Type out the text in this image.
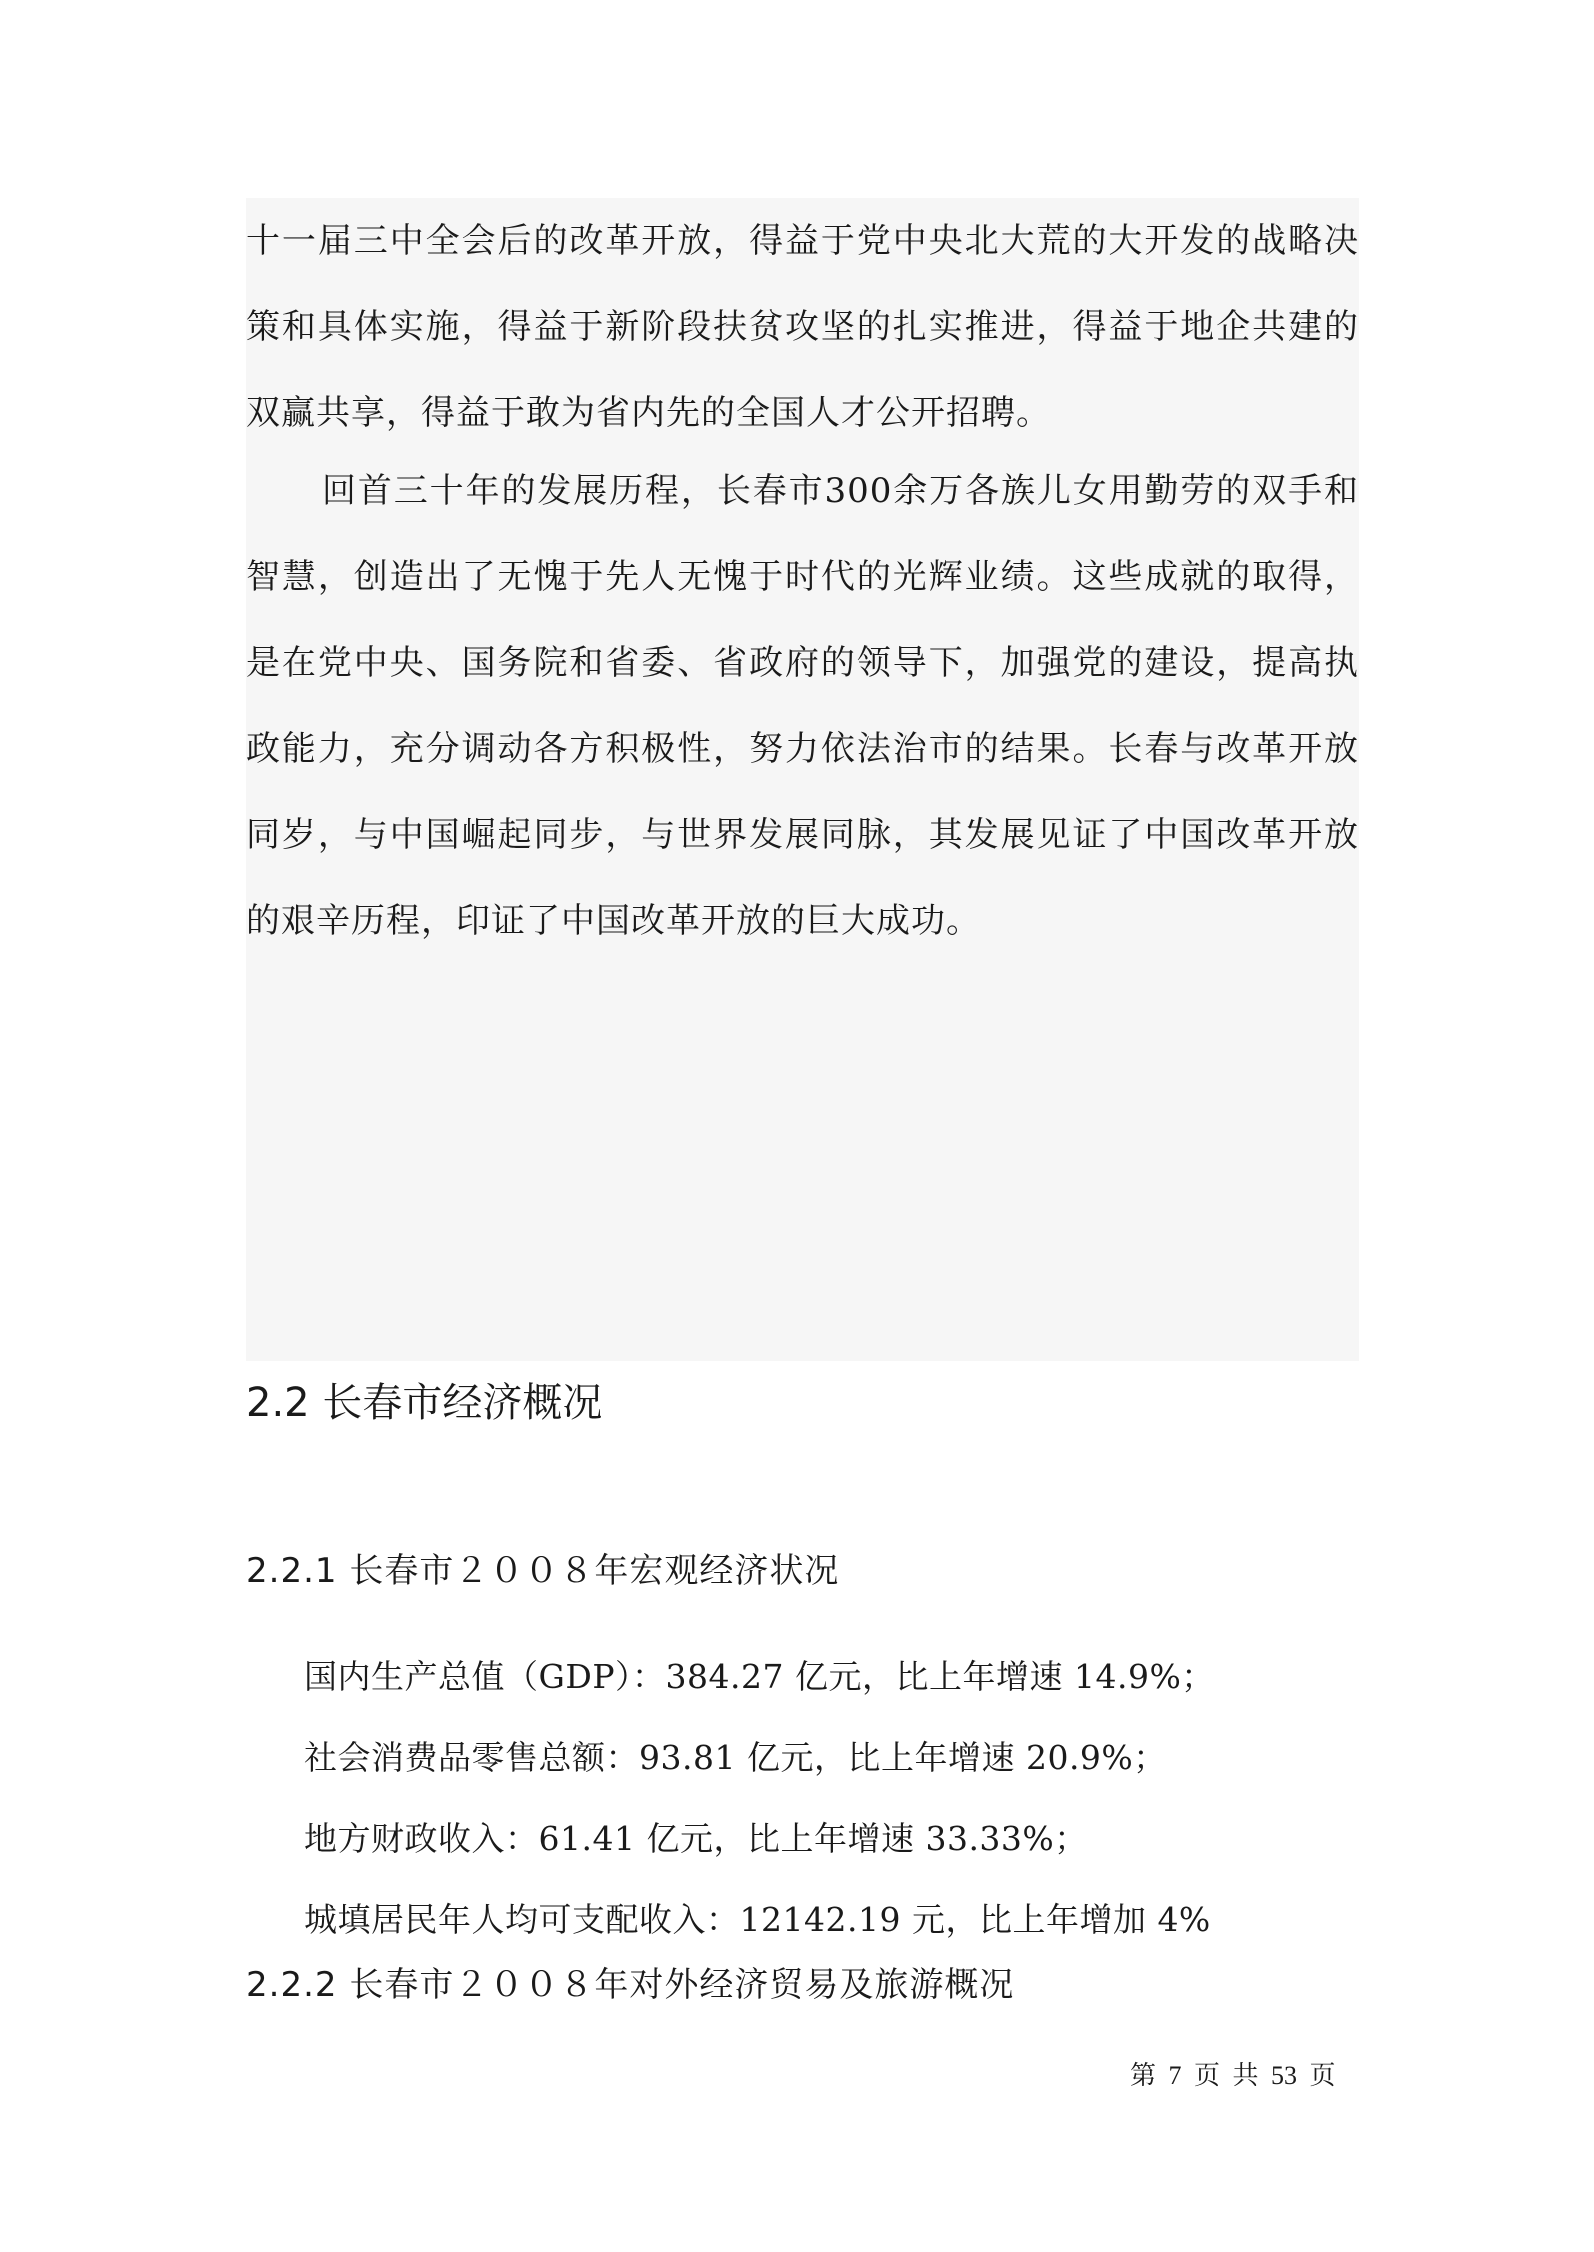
十一届三中全会后的改革开放，得益于党中央北大荒的大开发的战略决策和具体实施，得益于新阶段扶贫攻坚的扎实推进，得益于地企共建的双赢共享，得益于敢为省内先的全国人才公开招聘。

回首三十年的发展历程，长春市300余万各族儿女用勤劳的双手和智慧，创造出了无愧于先人无愧于时代的光辉业绩。这些成就的取得，是在党中央、国务院和省委、省政府的领导下，加强党的建设，提高执政能力，充分调动各方积极性，努力依法治市的结果。长春与改革开放同岁，与中国崛起同步，与世界发展同脉，其发展见证了中国改革开放的艰辛历程，印证了中国改革开放的巨大成功。

2.2 长春市经济概况
2.2.1 长春市２００８年宏观经济状况
国内生产总值（GDP）：384.27 亿元，比上年增速 14.9%；
社会消费品零售总额：93.81 亿元，比上年增速 20.9%；
地方财政收入：61.41 亿元，比上年增速 33.33%；
城填居民年人均可支配收入：12142.19 元，比上年增加 4%
2.2.2 长春市２００８年对外经济贸易及旅游概况
第 7 页 共 53 页
